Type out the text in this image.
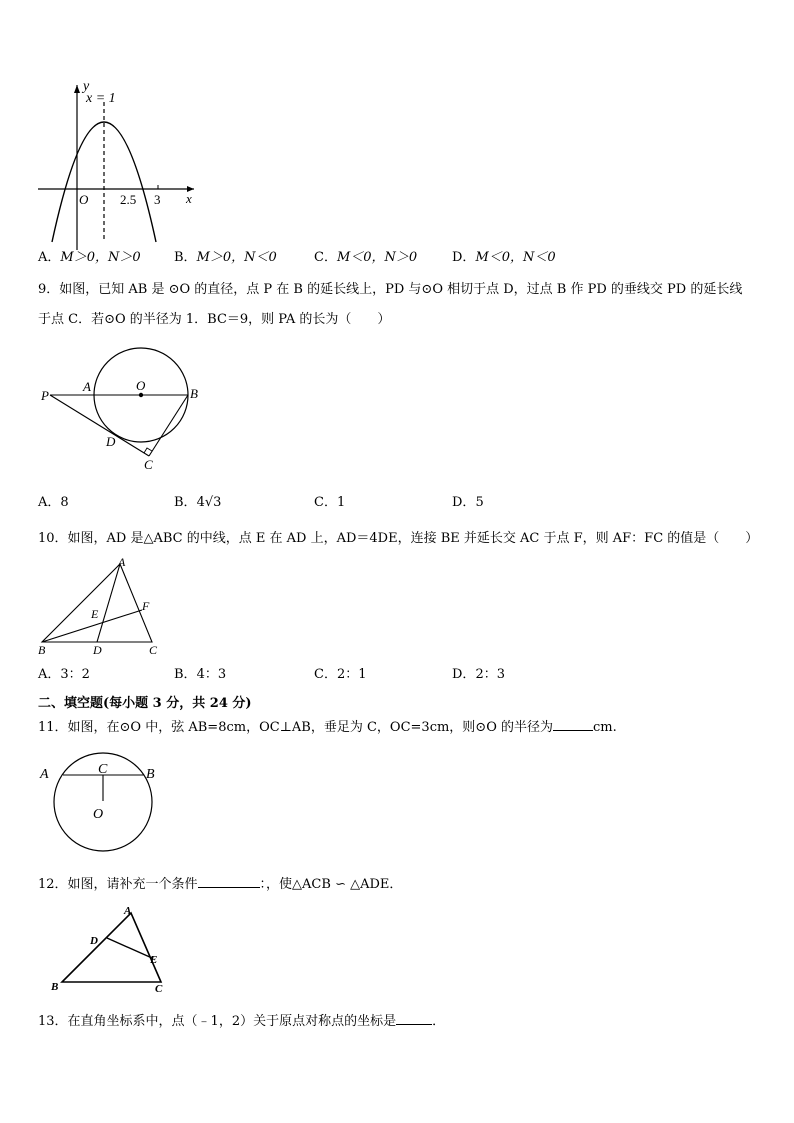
y
x = 1
O 2.5 3 x
A．M＞0，N＞0	B．M＞0，N＜0	C．M＜0，N＞0	D．M＜0，N＜0
9．如图，已知 AB 是 ⊙O 的直径，点 P 在 B 的延长线上，PD 与⊙O 相切于点 D，过点 B 作 PD 的垂线交 PD 的延长线
于点 C．若⊙O 的半径为 1．BC＝9，则 PA 的长为（　　）
P
A	O
B
D
C
A．8	B．4√3	C．1	D．5
10．如图，AD 是△ABC 的中线，点 E 在 AD 上，AD＝4DE，连接 BE 并延长交 AC 于点 F，则 AF：FC 的值是（　　）
A
B	C
D
E
F
A．3：2	B．4：3	C．2：1	D．2：3
二、填空题(每小题 3 分，共 24 分)
11．如图，在⊙O 中，弦 AB=8cm，OC⊥AB，垂足为 C，OC=3cm，则⊙O 的半径为	cm.
A	C	B
O
12．如图，请补充一个条件	：，使△ACB ∽ △ADE．
A
D
E
B	C
13．在直角坐标系中，点（﹣1，2）关于原点对称点的坐标是	．
